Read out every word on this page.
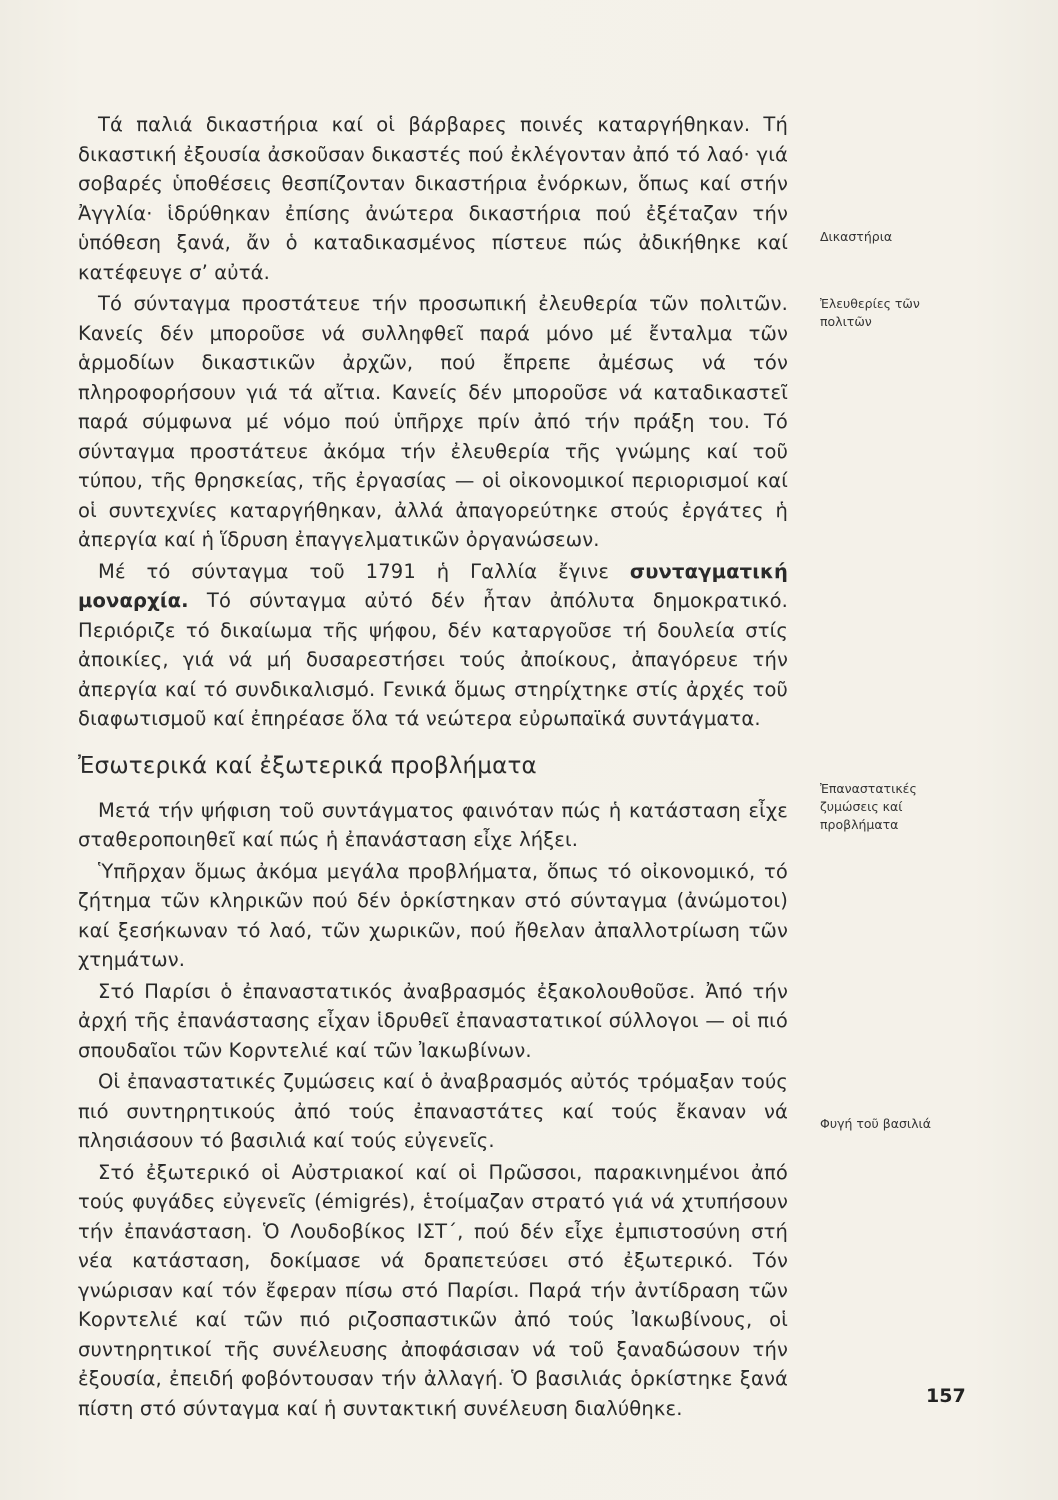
Τά παλιά δικαστήρια καί οἱ βάρβαρες ποινές καταργήθηκαν. Τή δικαστική ἐξουσία ἀσκοῦσαν δικαστές πού ἐκλέγονταν ἀπό τό λαό· γιά σοβαρές ὑποθέσεις θεσπίζονταν δικαστήρια ἐνόρκων, ὅπως καί στήν Ἀγγλία· ἱδρύθηκαν ἐπίσης ἀνώτερα δικαστήρια πού ἐξέταζαν τήν ὑπόθεση ξανά, ἄν ὁ καταδικασμένος πίστευε πώς ἀδικήθηκε καί κατέφευγε σ’ αὐτά.

Τό σύνταγμα προστάτευε τήν προσωπική ἐλευθερία τῶν πολιτῶν. Κανείς δέν μποροῦσε νά συλληφθεῖ παρά μόνο μέ ἔνταλμα τῶν ἁρμοδίων δικαστικῶν ἀρχῶν, πού ἔπρεπε ἀμέσως νά τόν πληροφορήσουν γιά τά αἴτια. Κανείς δέν μποροῦσε νά καταδικαστεῖ παρά σύμφωνα μέ νόμο πού ὑπῆρχε πρίν ἀπό τήν πράξη του. Τό σύνταγμα προστάτευε ἀκόμα τήν ἐλευθερία τῆς γνώμης καί τοῦ τύπου, τῆς θρησκείας, τῆς ἐργασίας — οἱ οἰκονομικοί περιορισμοί καί οἱ συντεχνίες καταργήθηκαν, ἀλλά ἀπαγορεύτηκε στούς ἐργάτες ἡ ἀπεργία καί ἡ ἵδρυση ἐπαγγελματικῶν ὀργανώσεων.

Μέ τό σύνταγμα τοῦ 1791 ἡ Γαλλία ἔγινε συνταγματική μοναρχία. Τό σύνταγμα αὐτό δέν ἦταν ἀπόλυτα δημοκρατικό. Περιόριζε τό δικαίωμα τῆς ψήφου, δέν καταργοῦσε τή δουλεία στίς ἀποικίες, γιά νά μή δυσαρεστήσει τούς ἀποίκους, ἀπαγόρευε τήν ἀπεργία καί τό συνδικαλισμό. Γενικά ὅμως στηρίχτηκε στίς ἀρχές τοῦ διαφωτισμοῦ καί ἐπηρέασε ὅλα τά νεώτερα εὐρωπαϊκά συντάγματα.

Ἐσωτερικά καί ἐξωτερικά προβλήματα

Μετά τήν ψήφιση τοῦ συντάγματος φαινόταν πώς ἡ κατάσταση εἶχε σταθεροποιηθεῖ καί πώς ἡ ἐπανάσταση εἶχε λήξει.

Ὑπῆρχαν ὅμως ἀκόμα μεγάλα προβλήματα, ὅπως τό οἰκονομικό, τό ζήτημα τῶν κληρικῶν πού δέν ὁρκίστηκαν στό σύνταγμα (ἀνώμοτοι) καί ξεσήκωναν τό λαό, τῶν χωρικῶν, πού ἤθελαν ἀπαλλοτρίωση τῶν χτημάτων.

Στό Παρίσι ὁ ἐπαναστατικός ἀναβρασμός ἐξακολουθοῦσε. Ἀπό τήν ἀρχή τῆς ἐπανάστασης εἶχαν ἱδρυθεῖ ἐπαναστατικοί σύλλογοι — οἱ πιό σπουδαῖοι τῶν Κορντελιέ καί τῶν Ἰακωβίνων.

Οἱ ἐπαναστατικές ζυμώσεις καί ὁ ἀναβρασμός αὐτός τρόμαξαν τούς πιό συντηρητικούς ἀπό τούς ἐπαναστάτες καί τούς ἔκαναν νά πλησιάσουν τό βασιλιά καί τούς εὐγενεῖς.

Στό ἐξωτερικό οἱ Αὐστριακοί καί οἱ Πρῶσσοι, παρακινημένοι ἀπό τούς φυγάδες εὐγενεῖς (émigrés), ἑτοίμαζαν στρατό γιά νά χτυπήσουν τήν ἐπανάσταση. Ὁ Λουδοβίκος ΙΣΤ΄, πού δέν εἶχε ἐμπιστοσύνη στή νέα κατάσταση, δοκίμασε νά δραπετεύσει στό ἐξωτερικό. Τόν γνώρισαν καί τόν ἔφεραν πίσω στό Παρίσι. Παρά τήν ἀντίδραση τῶν Κορντελιέ καί τῶν πιό ριζοσπαστικῶν ἀπό τούς Ἰακωβίνους, οἱ συντηρητικοί τῆς συνέλευσης ἀποφάσισαν νά τοῦ ξαναδώσουν τήν ἐξουσία, ἐπειδή φοβόντουσαν τήν ἀλλαγή. Ὁ βασιλιάς ὁρκίστηκε ξανά πίστη στό σύνταγμα καί ἡ συντακτική συνέλευση διαλύθηκε.

Δικαστήρια
Ἐλευθερίες τῶν πολιτῶν
Ἐπαναστατικές ζυμώσεις καί προβλήματα
Φυγή τοῦ βασιλιά
157
